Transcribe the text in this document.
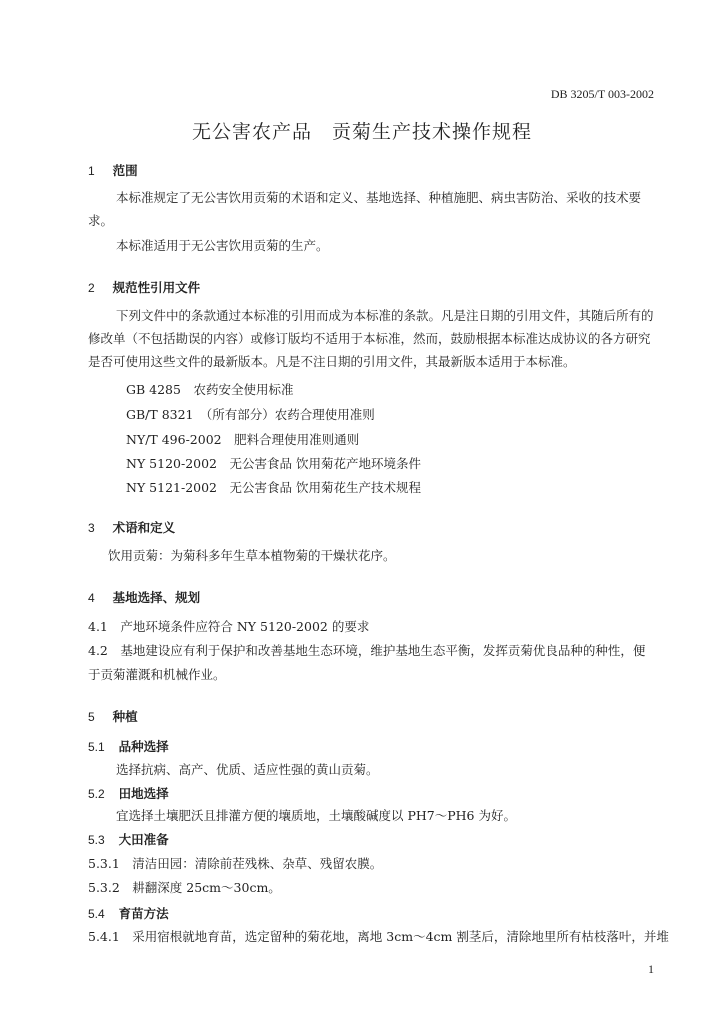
DB 3205/T 003-2002
无公害农产品　贡菊生产技术操作规程
1 范围

本标准规定了无公害饮用贡菊的术语和定义、基地选择、种植施肥、病虫害防治、采收的技术要求。

本标准适用于无公害饮用贡菊的生产。

2 规范性引用文件

下列文件中的条款通过本标准的引用而成为本标准的条款。凡是注日期的引用文件，其随后所有的修改单（不包括勘误的内容）或修订版均不适用于本标准，然而，鼓励根据本标准达成协议的各方研究是否可使用这些文件的最新版本。凡是不注日期的引用文件，其最新版本适用于本标准。

GB 4285　农药安全使用标准
GB/T 8321　（所有部分）农药合理使用准则
NY/T 496-2002　肥料合理使用准则通则
NY 5120-2002　无公害食品 饮用菊花产地环境条件
NY 5121-2002　无公害食品 饮用菊花生产技术规程
3 术语和定义
饮用贡菊：为菊科多年生草本植物菊的干燥状花序。
4 基地选择、规划
4.1　产地环境条件应符合 NY 5120-2002 的要求
4.2　基地建设应有利于保护和改善基地生态环境，维护基地生态平衡，发挥贡菊优良品种的种性，便
于贡菊灌溉和机械作业。
5 种植
5.1 品种选择
选择抗病、高产、优质、适应性强的黄山贡菊。
5.2 田地选择
宜选择土壤肥沃且排灌方便的壤质地，土壤酸碱度以 PH7～PH6 为好。
5.3 大田准备
5.3.1　清洁田园：清除前茬残株、杂草、残留农膜。
5.3.2　耕翻深度 25cm～30cm。
5.4 育苗方法
5.4.1　采用宿根就地育苗，选定留种的菊花地，离地 3cm～4cm 割茎后，清除地里所有枯枝落叶，并堆
1
